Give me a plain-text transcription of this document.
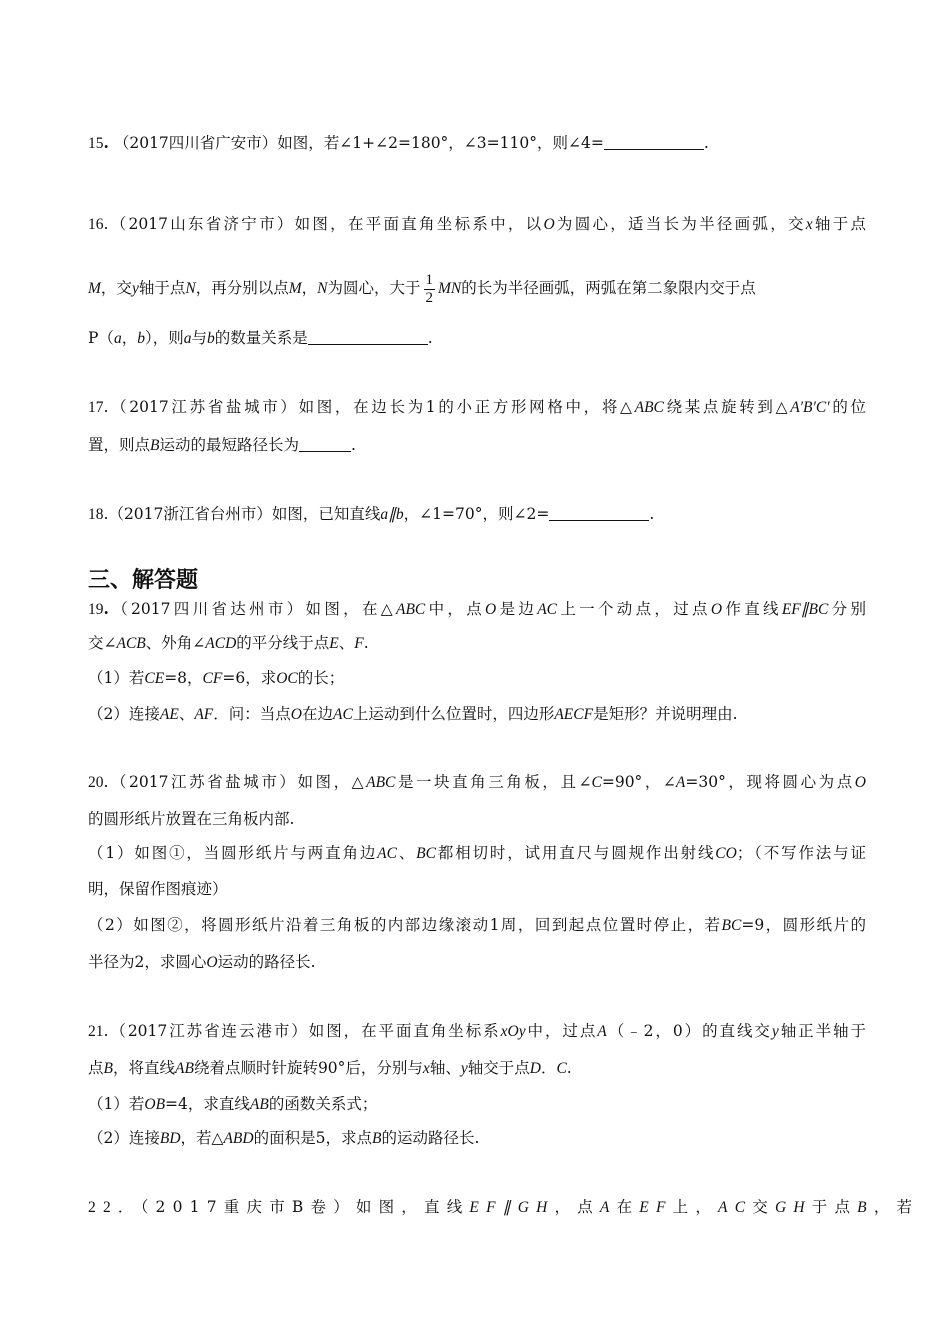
15. （2017四川省广安市）如图，若∠1+∠2=180°，∠3=110°，则∠4=	.
16.（2017山东省济宁市）如图，在平面直角坐标系中，以O为圆心，适当长为半径画弧，交x轴于点
M，交y轴于点N，再分别以点M，N为圆心，大于 $\frac{1}{2}$ MN的长为半径画弧，两弧在第二象限内交于点
P（a，b），则a与b的数量关系是	.
17.（2017江苏省盐城市）如图，在边长为1的小正方形网格中，将△ABC绕某点旋转到△A′B′C′的位
置，则点B运动的最短路径长为	.
18.（2017浙江省台州市）如图，已知直线a∥b，∠1=70°，则∠2=	.
三、解答题
19.（2017四川省达州市）如图，在△ABC中，点O是边AC上一个动点，过点O作直线EF∥BC分别
交∠ACB、外角∠ACD的平分线于点E、F.
（1）若CE=8，CF=6，求OC的长；
（2）连接AE、AF．问：当点O在边AC上运动到什么位置时，四边形AECF是矩形？并说明理由.
20.（2017江苏省盐城市）如图，△ABC是一块直角三角板，且∠C=90°，∠A=30°，现将圆心为点O
的圆形纸片放置在三角板内部.
（1）如图①，当圆形纸片与两直角边AC、BC都相切时，试用直尺与圆规作出射线CO；（不写作法与证
明，保留作图痕迹）
（2）如图②，将圆形纸片沿着三角板的内部边缘滚动1周，回到起点位置时停止，若BC=9，圆形纸片的
半径为2，求圆心O运动的路径长.
21.（2017江苏省连云港市）如图，在平面直角坐标系xOy中，过点A（﹣2，0）的直线交y轴正半轴于
点B，将直线AB绕着点顺时针旋转90°后，分别与x轴、y轴交于点D．C.
（1）若OB=4，求直线AB的函数关系式；
（2）连接BD，若△ABD的面积是5，求点B的运动路径长.
22．（2017重庆市B卷）如图，直线EF∥GH，点A在EF上，AC交GH于点B，若
